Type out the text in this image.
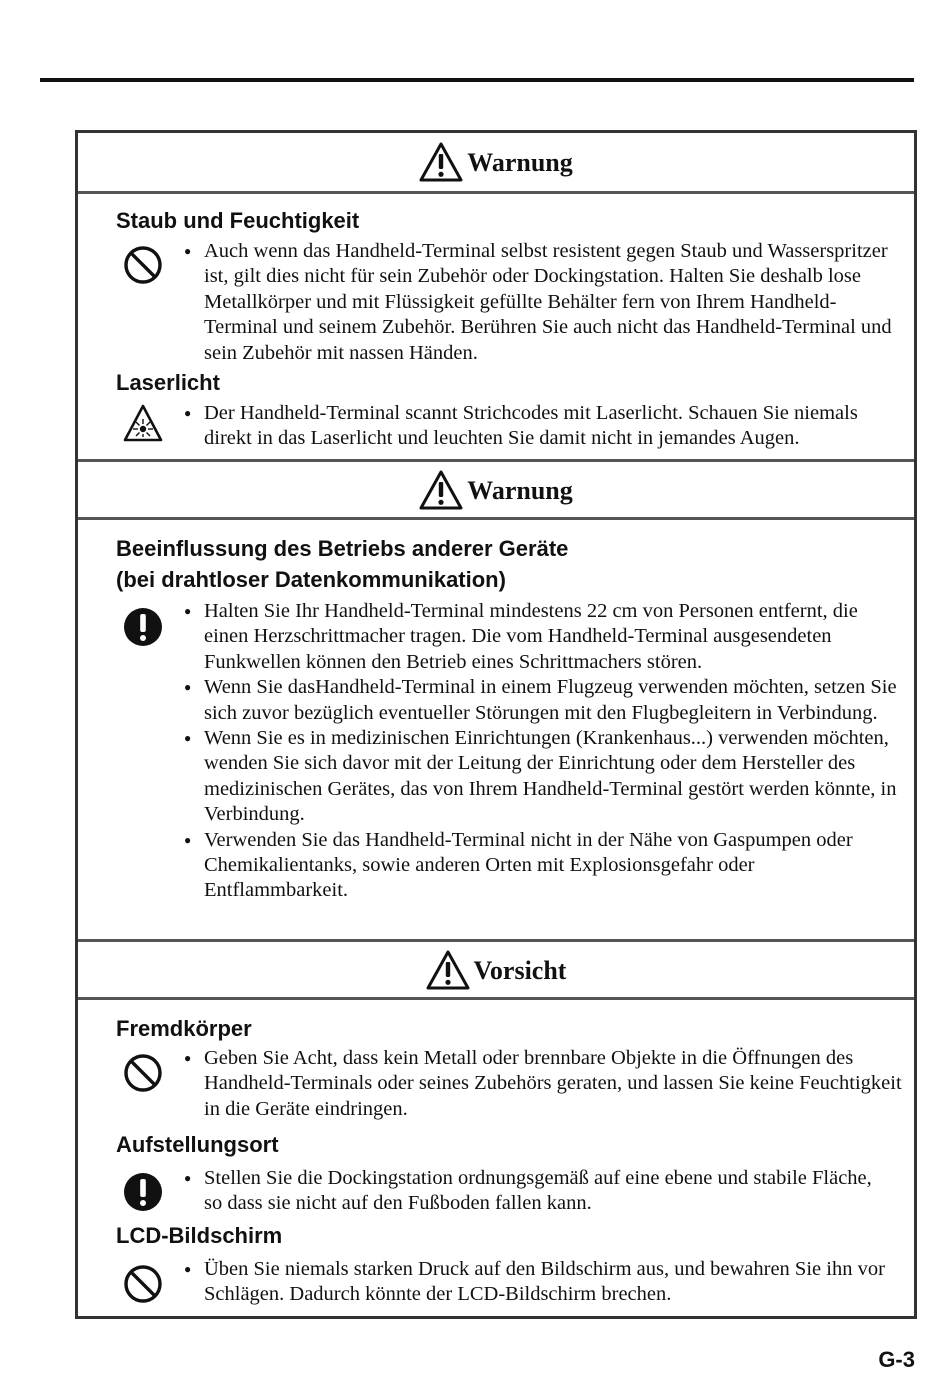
Warnung
Staub und Feuchtigkeit
● Auch wenn das Handheld-Terminal selbst resistent gegen Staub und Wasserspritzer ist, gilt dies nicht für sein Zubehör oder Dockingstation. Halten Sie deshalb lose Metallkörper und mit Flüssigkeit gefüllte Behälter fern von Ihrem Handheld-Terminal und seinem Zubehör. Berühren Sie auch nicht das Handheld-Terminal und sein Zubehör mit nassen Händen.
Laserlicht
● Der Handheld-Terminal scannt Strichcodes mit Laserlicht. Schauen Sie niemals direkt in das Laserlicht und leuchten Sie damit nicht in jemandes Augen.
Warnung
Beeinflussung des Betriebs anderer Geräte
(bei drahtloser Datenkommunikation)
● Halten Sie Ihr Handheld-Terminal mindestens 22 cm von Personen entfernt, die einen Herzschrittmacher tragen. Die vom Handheld-Terminal ausgesendeten Funkwellen können den Betrieb eines Schrittmachers stören.
● Wenn Sie dasHandheld-Terminal in einem Flugzeug verwenden möchten, setzen Sie sich zuvor bezüglich eventueller Störungen mit den Flugbegleitern in Verbindung.
● Wenn Sie es in medizinischen Einrichtungen (Krankenhaus...) verwenden möchten, wenden Sie sich davor mit der Leitung der Einrichtung oder dem Hersteller des medizinischen Gerätes, das von Ihrem Handheld-Terminal gestört werden könnte, in Verbindung.
● Verwenden Sie das Handheld-Terminal nicht in der Nähe von Gaspumpen oder Chemikalientanks, sowie anderen Orten mit Explosionsgefahr oder Entflammbarkeit.
Vorsicht
Fremdkörper
● Geben Sie Acht, dass kein Metall oder brennbare Objekte in die Öffnungen des Handheld-Terminals oder seines Zubehörs geraten, und lassen Sie keine Feuchtigkeit in die Geräte eindringen.
Aufstellungsort
● Stellen Sie die Dockingstation ordnungsgemäß auf eine ebene und stabile Fläche, so dass sie nicht auf den Fußboden fallen kann.
LCD-Bildschirm
● Üben Sie niemals starken Druck auf den Bildschirm aus, und bewahren Sie ihn vor Schlägen. Dadurch könnte der LCD-Bildschirm brechen.
G-3
